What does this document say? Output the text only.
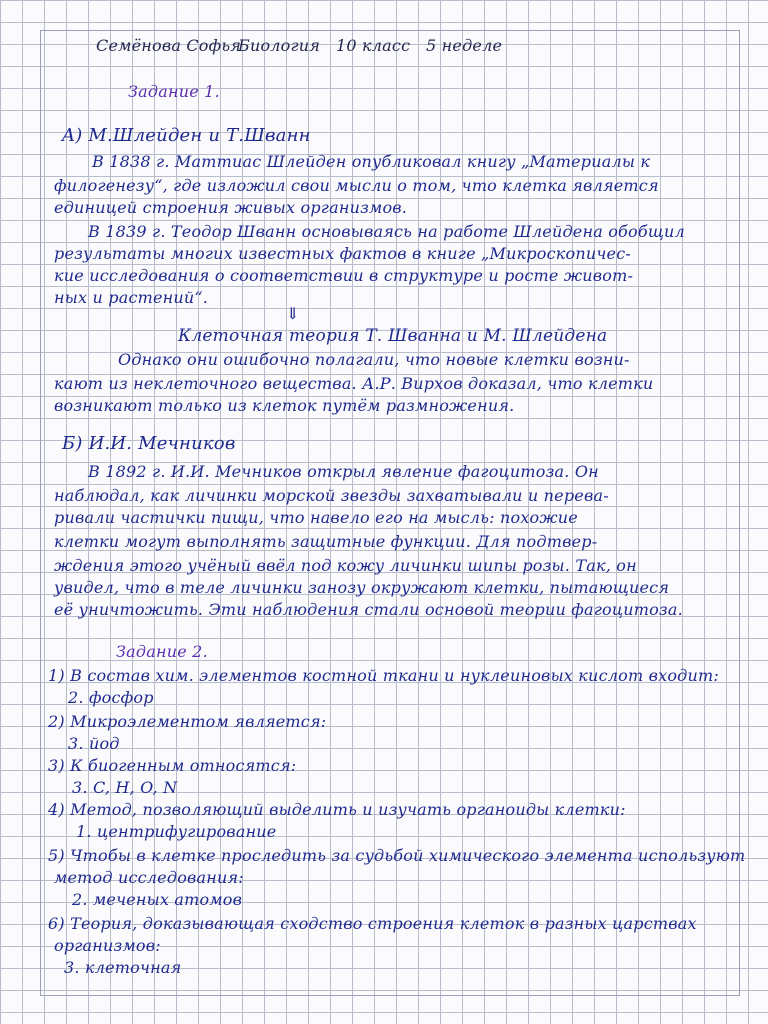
Семёнова Софья
Биология 10 класс 5 неделе
Задание 1.
A) М.Шлейден и Т.Шванн
В 1838 г. Маттиас Шлейден опубликовал книгу „Материалы к
филогенезу“, где изложил свои мысли о том, что клетка является
единицей строения живых организмов.
В 1839 г. Теодор Шванн основываясь на работе Шлейдена обобщил
результаты многих известных фактов в книге „Микроскопичес-
кие исследования о соответствии в структуре и росте живот-
ных и растений“.
⇓
Клеточная теория Т. Шванна и М. Шлейдена
Однако они ошибочно полагали, что новые клетки возни-
кают из неклеточного вещества. А.Р. Вирхов доказал, что клетки
возникают только из клеток путём размножения.
Б) И.И. Мечников
В 1892 г. И.И. Мечников открыл явление фагоцитоза. Он
наблюдал, как личинки морской звезды захватывали и перева-
ривали частички пищи, что навело его на мысль: похожие
клетки могут выполнять защитные функции. Для подтвер-
ждения этого учёный ввёл под кожу личинки шипы розы. Так, он
увидел, что в теле личинки занозу окружают клетки, пытающиеся
её уничтожить. Эти наблюдения стали основой теории фагоцитоза.
Задание 2.
1) В состав хим. элементов костной ткани и нуклеиновых кислот входит:
2. фосфор
2) Микроэлементом является:
3. йод
3) К биогенным относятся:
3. C, H, O, N
4) Метод, позволяющий выделить и изучать органоиды клетки:
1. центрифугирование
5) Чтобы в клетке проследить за судьбой химического элемента используют
метод исследования:
2. меченых атомов
6) Теория, доказывающая сходство строения клеток в разных царствах
организмов:
3. клеточная
